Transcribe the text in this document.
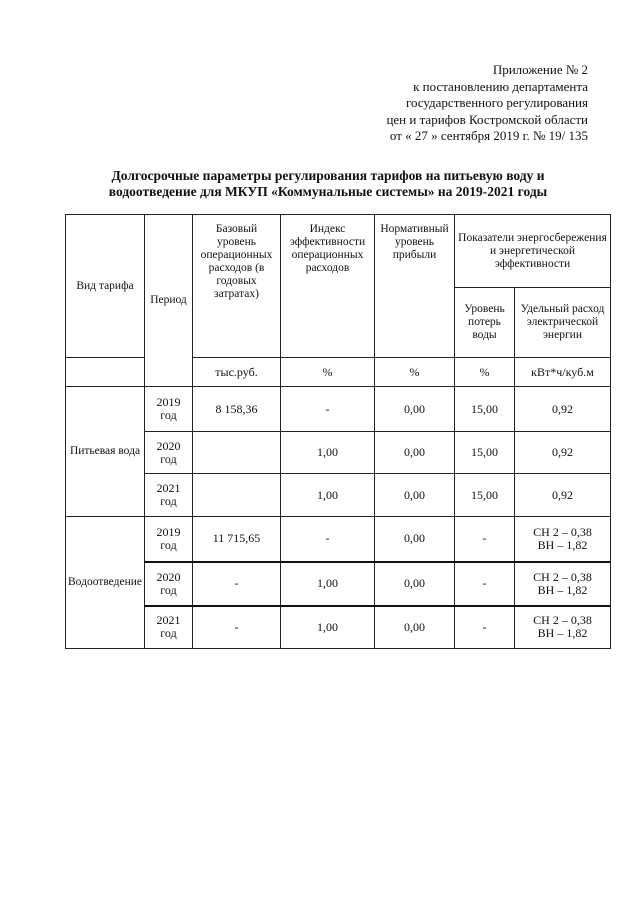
Приложение № 2
к постановлению департамента
государственного регулирования
цен и тарифов Костромской области
от « 27 » сентября 2019 г. № 19/ 135
Долгосрочные параметры регулирования тарифов на питьевую воду и
водоотведение для МКУП «Коммунальные системы» на 2019-2021 годы
Вид тарифа	Период	Базовый уровень операционных расходов (в годовых затратах)	Индекс эффективности операционных расходов	Нормативный уровень прибыли	Показатели энергосбережения и энергетической эффективности	
					Уровень потерь воды	Удельный расход электрической энергии
		тыс.руб.	%	%	%	кВт*ч/куб.м
Питьевая вода	2019 год	8 158,36	-	0,00	15,00	0,92

	2020 год		1,00	0,00	15,00	0,92

	2021 год		1,00	0,00	15,00	0,92

Водоотведение	2019 год	11 715,65	-	0,00	-	СН 2 – 0,38
ВН – 1,82

	2020 год	-	1,00	0,00	-	СН 2 – 0,38
ВН – 1,82

	2021 год	-	1,00	0,00	-	СН 2 – 0,38
ВН – 1,82
